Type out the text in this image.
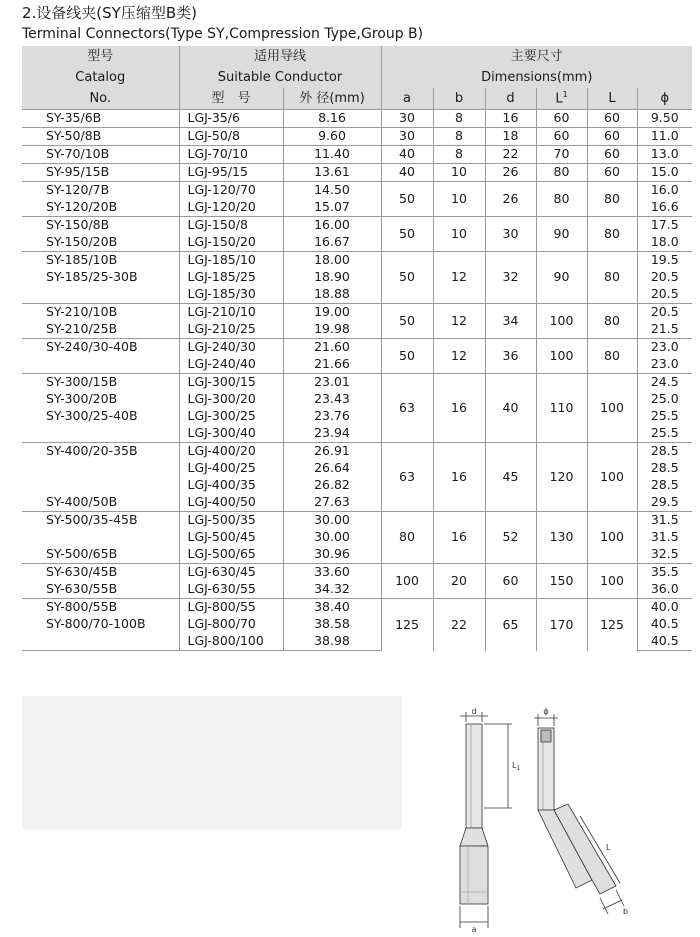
2.设备线夹(SY压缩型B类)
Terminal Connectors(Type SY,Compression Type,Group B)
型号	适用导线		主要尺寸					
Catalog	Suitable Conductor		Dimensions(mm)					
No.	型　号	外 径(mm)	a	b	d	$L^1$	L	ϕ
SY-35/6B	LGJ-35/6	8.16	30	8	16	60	60	9.50
SY-50/8B	LGJ-50/8	9.60	30	8	18	60	60	11.0
SY-70/10B	LGJ-70/10	11.40	40	8	22	70	60	13.0
SY-95/15B	LGJ-95/15	13.61	40	10	26	80	60	15.0
SY-120/7B	LGJ-120/70	14.50	50	10	26	80	80	16.0
SY-120/20B	LGJ-120/20	15.07						16.6
SY-150/8B	LGJ-150/8	16.00	50	10	30	90	80	17.5
SY-150/20B	LGJ-150/20	16.67						18.0
SY-185/10B	LGJ-185/10	18.00	50	12	32	90	80	19.5
SY-185/25-30B	LGJ-185/25	18.90						20.5
	LGJ-185/30	18.88						20.5
SY-210/10B	LGJ-210/10	19.00	50	12	34	100	80	20.5
SY-210/25B	LGJ-210/25	19.98						21.5
SY-240/30-40B	LGJ-240/30	21.60	50	12	36	100	80	23.0
	LGJ-240/40	21.66						23.0
SY-300/15B	LGJ-300/15	23.01	63	16	40	110	100	24.5
SY-300/20B	LGJ-300/20	23.43						25.0
SY-300/25-40B	LGJ-300/25	23.76						25.5
	LGJ-300/40	23.94						25.5
SY-400/20-35B	LGJ-400/20	26.91	63	16	45	120	100	28.5
	LGJ-400/25	26.64						28.5
	LGJ-400/35	26.82						28.5
SY-400/50B	LGJ-400/50	27.63						29.5
SY-500/35-45B	LGJ-500/35	30.00	80	16	52	130	100	31.5
	LGJ-500/45	30.00						31.5
SY-500/65B	LGJ-500/65	30.96						32.5
SY-630/45B	LGJ-630/45	33.60	100	20	60	150	100	35.5
SY-630/55B	LGJ-630/55	34.32						36.0
SY-800/55B	LGJ-800/55	38.40	125	22	65	170	125	40.0
SY-800/70-100B	LGJ-800/70	38.58						40.5
	LGJ-800/100	38.98						40.5
d
$L_1$
a
ϕ
L
b
